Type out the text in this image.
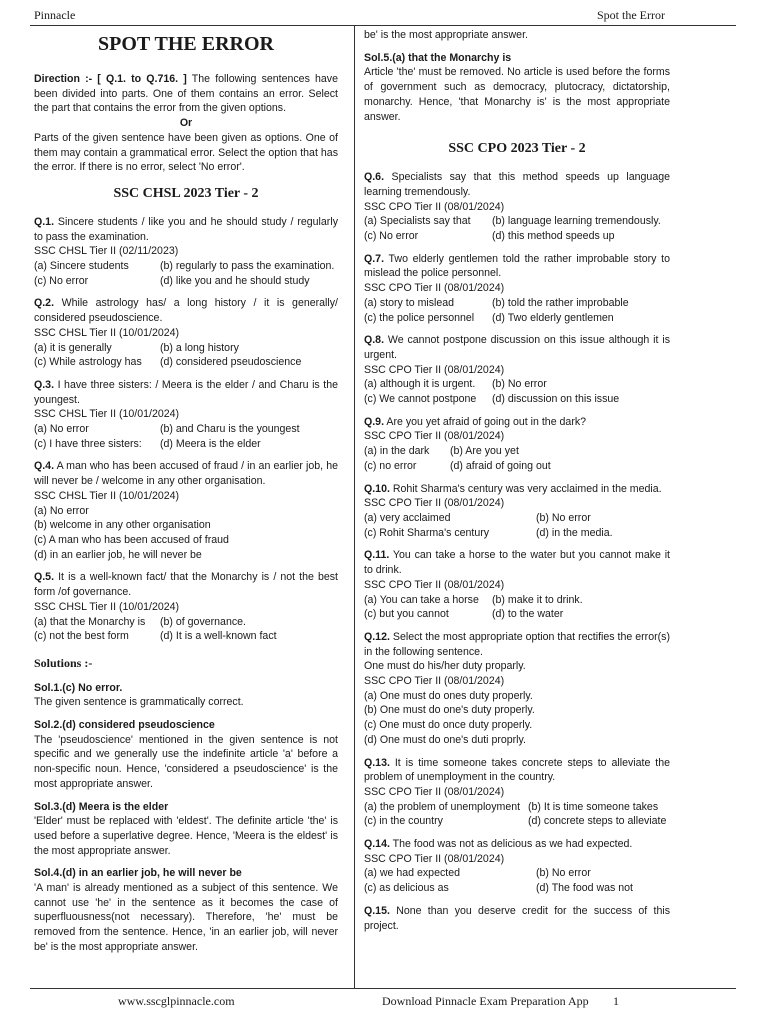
Pinnacle	Spot the Error
SPOT THE ERROR
Direction :- [ Q.1. to Q.716. ] The following sentences have been divided into parts. One of them contains an error. Select the part that contains the error from the given options.
Or
Parts of the given sentence have been given as options. One of them may contain a grammatical error. Select the option that has the error. If there is no error, select 'No error'.
SSC CHSL 2023 Tier - 2
Q.1. Sincere students / like you and he should study / regularly to pass the examination.
SSC CHSL Tier II (02/11/2023)
(a) Sincere students	(b) regularly to pass the examination.
(c) No error	(d) like you and he should study
Q.2. While astrology has/ a long history / it is generally/ considered pseudoscience.
SSC CHSL Tier II (10/01/2024)
(a) it is generally	(b) a long history
(c) While astrology has	(d) considered pseudoscience
Q.3. I have three sisters: / Meera is the elder / and Charu is the youngest.
SSC CHSL Tier II (10/01/2024)
(a) No error	(b) and Charu is the youngest
(c) I have three sisters:	(d) Meera is the elder
Q.4. A man who has been accused of fraud / in an earlier job, he will never be / welcome in any other organisation.
SSC CHSL Tier II (10/01/2024)
(a) No error
(b) welcome in any other organisation
(c) A man who has been accused of fraud
(d) in an earlier job, he will never be
Q.5. It is a well-known fact/ that the Monarchy is / not the best form /of governance.
SSC CHSL Tier II (10/01/2024)
(a) that the Monarchy is	(b) of governance.
(c) not the best form	(d) It is a well-known fact
Solutions :-
Sol.1.(c) No error.
The given sentence is grammatically correct.
Sol.2.(d) considered pseudoscience
The 'pseudoscience' mentioned in the given sentence is not specific and we generally use the indefinite article 'a' before a non-specific noun. Hence, 'considered a pseudoscience' is the most appropriate answer.
Sol.3.(d) Meera is the elder
'Elder' must be replaced with 'eldest'. The definite article 'the' is used before a superlative degree. Hence, 'Meera is the eldest' is the most appropriate answer.
Sol.4.(d) in an earlier job, he will never be
'A man' is already mentioned as a subject of this sentence. We cannot use 'he' in the sentence as it becomes the case of superfluousness(not necessary). Therefore, 'he' must be removed from the sentence. Hence, 'in an earlier job, will never be' is the most appropriate answer.
be' is the most appropriate answer.
Sol.5.(a) that the Monarchy is
Article 'the' must be removed. No article is used before the forms of government such as democracy, plutocracy, dictatorship, monarchy. Hence, 'that Monarchy is' is the most appropriate answer.
SSC CPO 2023 Tier - 2
Q.6. Specialists say that this method speeds up language learning tremendously.
SSC CPO Tier II (08/01/2024)
(a) Specialists say that	(b) language learning tremendously.
(c) No error	(d) this method speeds up
Q.7. Two elderly gentlemen told the rather improbable story to mislead the police personnel.
SSC CPO Tier II (08/01/2024)
(a) story to mislead	(b) told the rather improbable
(c) the police personnel	(d) Two elderly gentlemen
Q.8. We cannot postpone discussion on this issue although it is urgent.
SSC CPO Tier II (08/01/2024)
(a) although it is urgent.	(b) No error
(c) We cannot postpone	(d) discussion on this issue
Q.9. Are you yet afraid of going out in the dark?
SSC CPO Tier II (08/01/2024)
(a) in the dark	(b) Are you yet
(c) no error	(d) afraid of going out
Q.10. Rohit Sharma's century was very acclaimed in the media.
SSC CPO Tier II (08/01/2024)
(a) very acclaimed	(b) No error
(c) Rohit Sharma's century	(d) in the media.
Q.11. You can take a horse to the water but you cannot make it to drink.
SSC CPO Tier II (08/01/2024)
(a) You can take a horse	(b) make it to drink.
(c) but you cannot	(d) to the water
Q.12. Select the most appropriate option that rectifies the error(s) in the following sentence.
One must do his/her duty proparly.
SSC CPO Tier II (08/01/2024)
(a) One must do ones duty properly.
(b) One must do one's duty properly.
(c) One must do once duty properly.
(d) One must do one's duti proprly.
Q.13. It is time someone takes concrete steps to alleviate the problem of unemployment in the country.
SSC CPO Tier II (08/01/2024)
(a) the problem of unemployment (b) It is time someone takes
(c) in the country	(d) concrete steps to alleviate
Q.14. The food was not as delicious as we had expected.
SSC CPO Tier II (08/01/2024)
(a) we had expected	(b) No error
(c) as delicious as	(d) The food was not
Q.15. None than you deserve credit for the success of this project.
www.sscglpinnacle.com	Download Pinnacle Exam Preparation App 1
